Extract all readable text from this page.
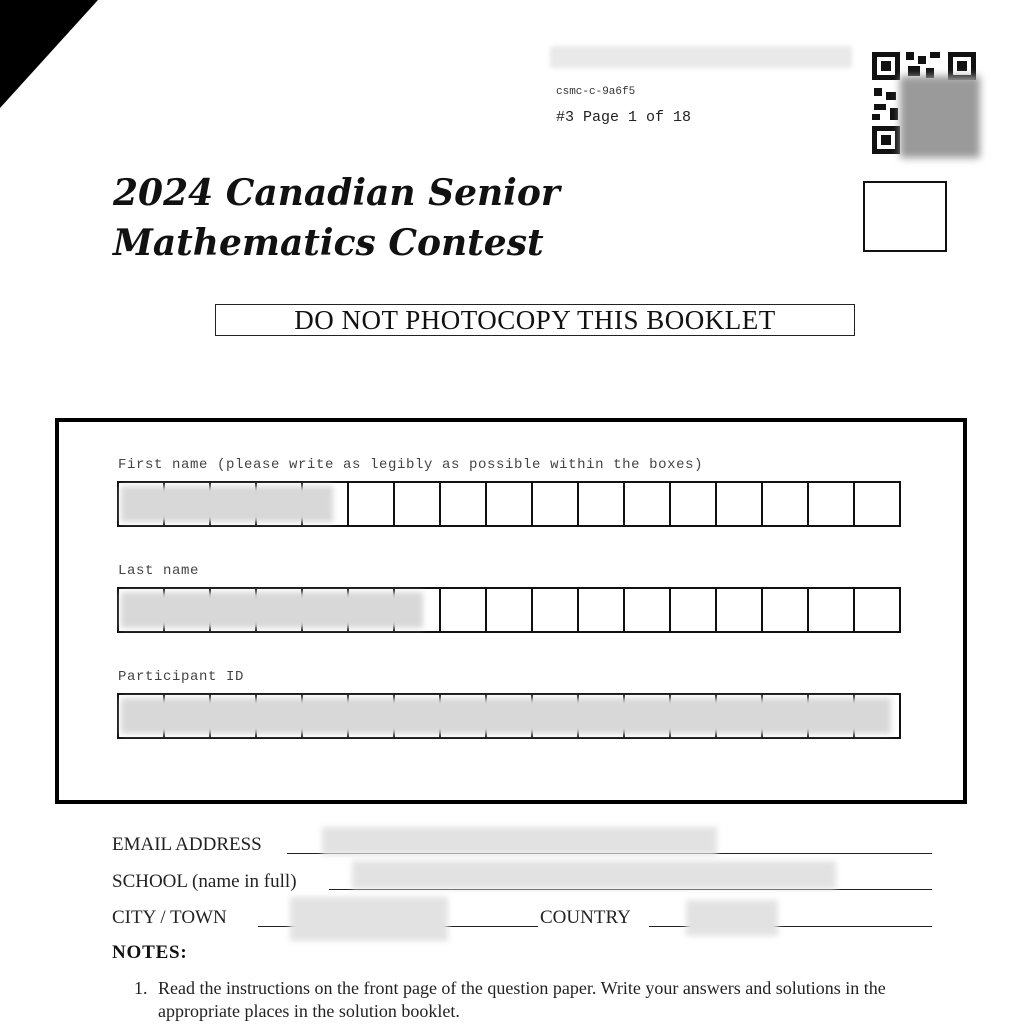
csmc-c-9a6f5
#3 Page 1 of 18
2024 Canadian Senior
Mathematics Contest
DO NOT PHOTOCOPY THIS BOOKLET
First name (please write as legibly as possible within the boxes)
Last name
Participant ID
EMAIL ADDRESS
SCHOOL (name in full)
CITY / TOWN	COUNTRY
NOTES:
1. Read the instructions on the front page of the question paper. Write your answers and solutions in the appropriate places in the solution booklet.
